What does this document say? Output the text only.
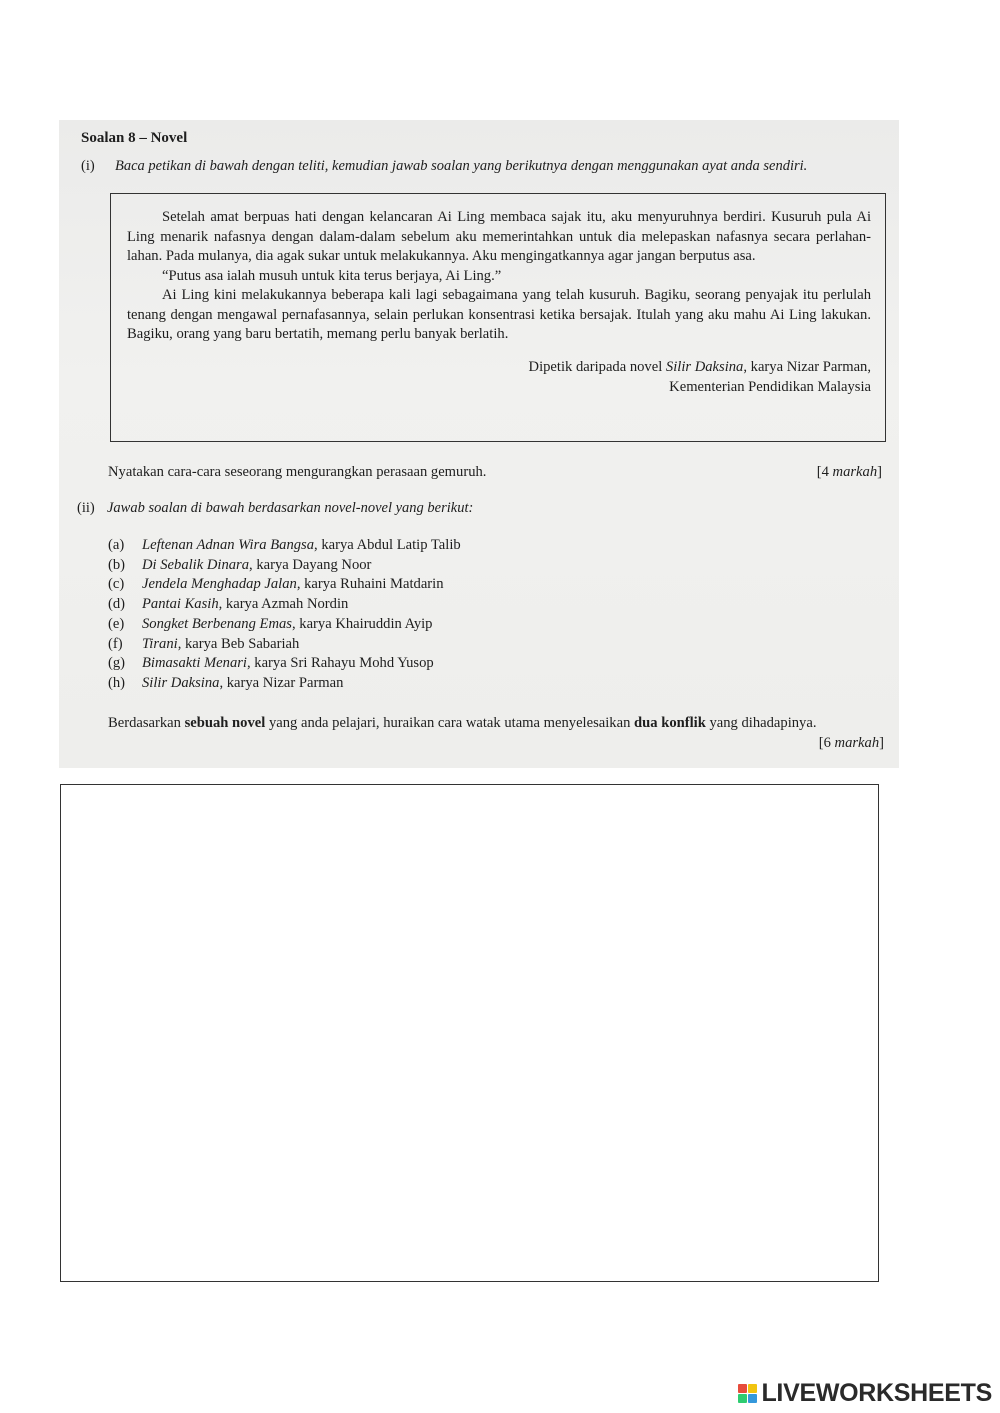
Soalan 8 – Novel
(i) Baca petikan di bawah dengan teliti, kemudian jawab soalan yang berikutnya dengan menggunakan ayat anda sendiri.

Setelah amat berpuas hati dengan kelancaran Ai Ling membaca sajak itu, aku menyuruhnya berdiri. Kusuruh pula Ai Ling menarik nafasnya dengan dalam-dalam sebelum aku memerintahkan untuk dia melepaskan nafasnya secara perlahan-lahan. Pada mulanya, dia agak sukar untuk melakukannya. Aku mengingatkannya agar jangan berputus asa.

“Putus asa ialah musuh untuk kita terus berjaya, Ai Ling.”

Ai Ling kini melakukannya beberapa kali lagi sebagaimana yang telah kusuruh. Bagiku, seorang penyajak itu perlulah tenang dengan mengawal pernafasannya, selain perlukan konsentrasi ketika bersajak. Itulah yang aku mahu Ai Ling lakukan. Bagiku, orang yang baru bertatih, memang perlu banyak berlatih.

Dipetik daripada novel Silir Daksina, karya Nizar Parman,
Kementerian Pendidikan Malaysia
Nyatakan cara-cara seseorang mengurangkan perasaan gemuruh.	[4 markah]
(ii) Jawab soalan di bawah berdasarkan novel-novel yang berikut:
(a) Leftenan Adnan Wira Bangsa, karya Abdul Latip Talib
(b) Di Sebalik Dinara, karya Dayang Noor
(c) Jendela Menghadap Jalan, karya Ruhaini Matdarin
(d) Pantai Kasih, karya Azmah Nordin
(e) Songket Berbenang Emas, karya Khairuddin Ayip
(f) Tirani, karya Beb Sabariah
(g) Bimasakti Menari, karya Sri Rahayu Mohd Yusop
(h) Silir Daksina, karya Nizar Parman
Berdasarkan sebuah novel yang anda pelajari, huraikan cara watak utama menyelesaikan dua konflik yang dihadapinya.
[6 markah]
LIVEWORKSHEETS
